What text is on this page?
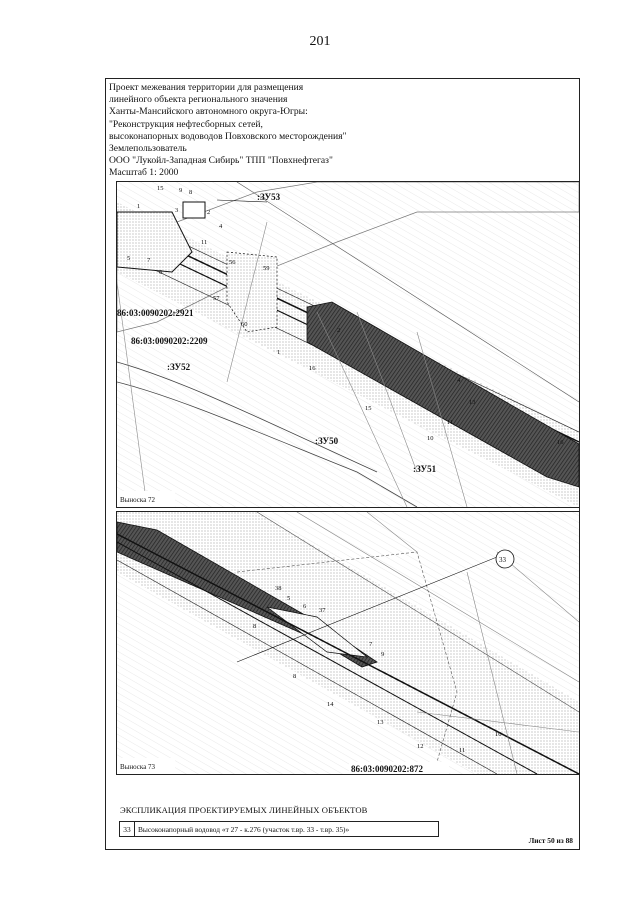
201
Проект межевания территории для размещения
линейного объекта регионального значения
Ханты-Мансийского автономного округа-Югры:
"Реконструкция нефтесборных сетей,
высоконапорных водоводов Повховского месторождения"
Землепользователь
ООО "Лукойл-Западная Сибирь" ТПП "Повхнефтегаз"
Масштаб 1: 2000
:ЗУ53
86:03:0090202:2921
86:03:0090202:2209
:ЗУ52
:ЗУ50
:ЗУ51
15 9 8
3
1
2
4
5	7
6
11
56
59
57
60
1
16
2
15
11
10
4
13
16
Выноска 72
33
38
5
6
37
7
8
9
8
14
13
12
11
10
Выноска 73	86:03:0090202:872
ЭКСПЛИКАЦИЯ ПРОЕКТИРУЕМЫХ ЛИНЕЙНЫХ ОБЪЕКТОВ
33 Высоконапорный водовод «т 27 - к.276 (участок т.вр. 33 - т.вр. 35)»
Лист 50 из 88
